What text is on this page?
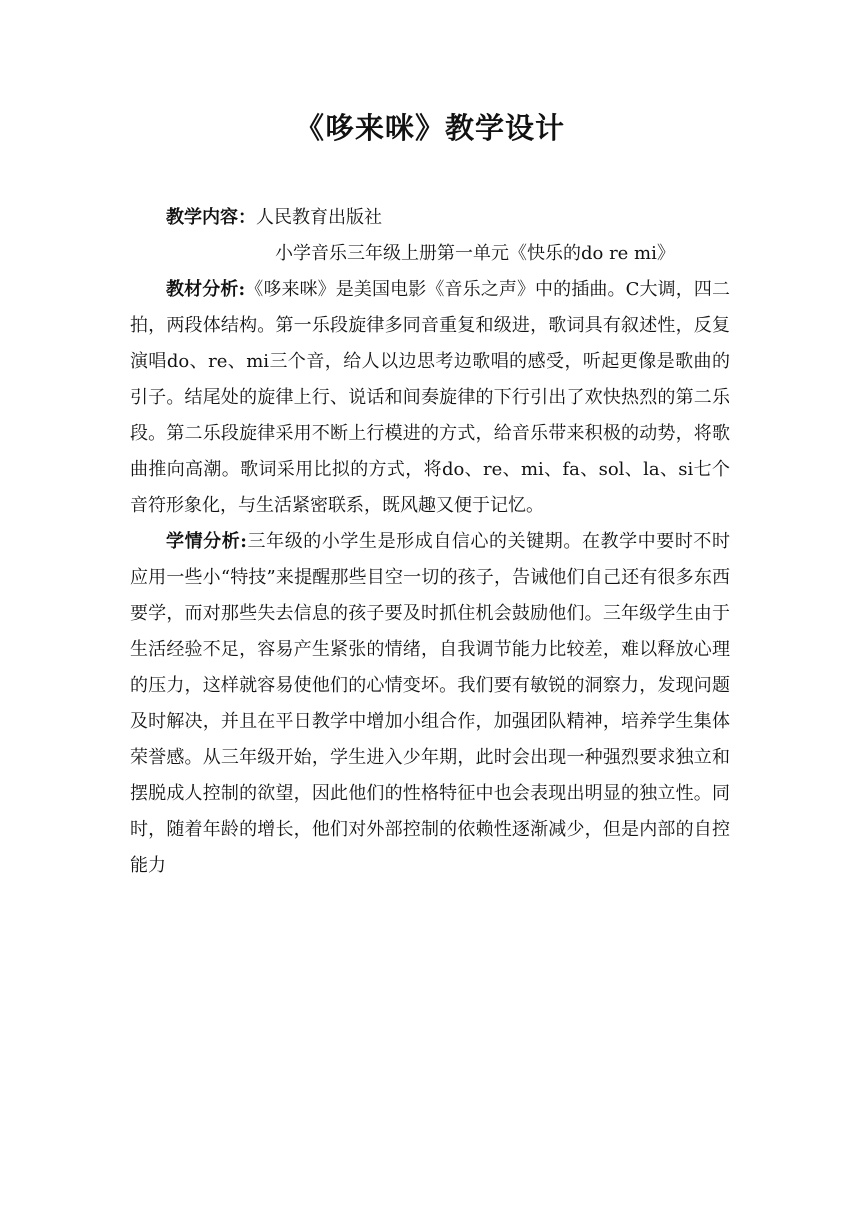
《哆来咪》教学设计

教学内容：人民教育出版社

小学音乐三年级上册第一单元《快乐的do re mi》

教材分析:《哆来咪》是美国电影《音乐之声》中的插曲。C大调，四二拍，两段体结构。第一乐段旋律多同音重复和级进，歌词具有叙述性，反复演唱do、re、mi三个音，给人以边思考边歌唱的感受，听起更像是歌曲的引子。结尾处的旋律上行、说话和间奏旋律的下行引出了欢快热烈的第二乐段。第二乐段旋律采用不断上行模进的方式，给音乐带来积极的动势，将歌曲推向高潮。歌词采用比拟的方式，将do、re、mi、fa、sol、la、si七个音符形象化，与生活紧密联系，既风趣又便于记忆。

学情分析:三年级的小学生是形成自信心的关键期。在教学中要时不时应用一些小“特技”来提醒那些目空一切的孩子，告诫他们自己还有很多东西要学，而对那些失去信息的孩子要及时抓住机会鼓励他们。三年级学生由于生活经验不足，容易产生紧张的情绪，自我调节能力比较差，难以释放心理的压力，这样就容易使他们的心情变坏。我们要有敏锐的洞察力，发现问题及时解决，并且在平日教学中增加小组合作，加强团队精神，培养学生集体荣誉感。从三年级开始，学生进入少年期，此时会出现一种强烈要求独立和摆脱成人控制的欲望，因此他们的性格特征中也会表现出明显的独立性。同时，随着年龄的增长，他们对外部控制的依赖性逐渐减少，但是内部的自控能力
